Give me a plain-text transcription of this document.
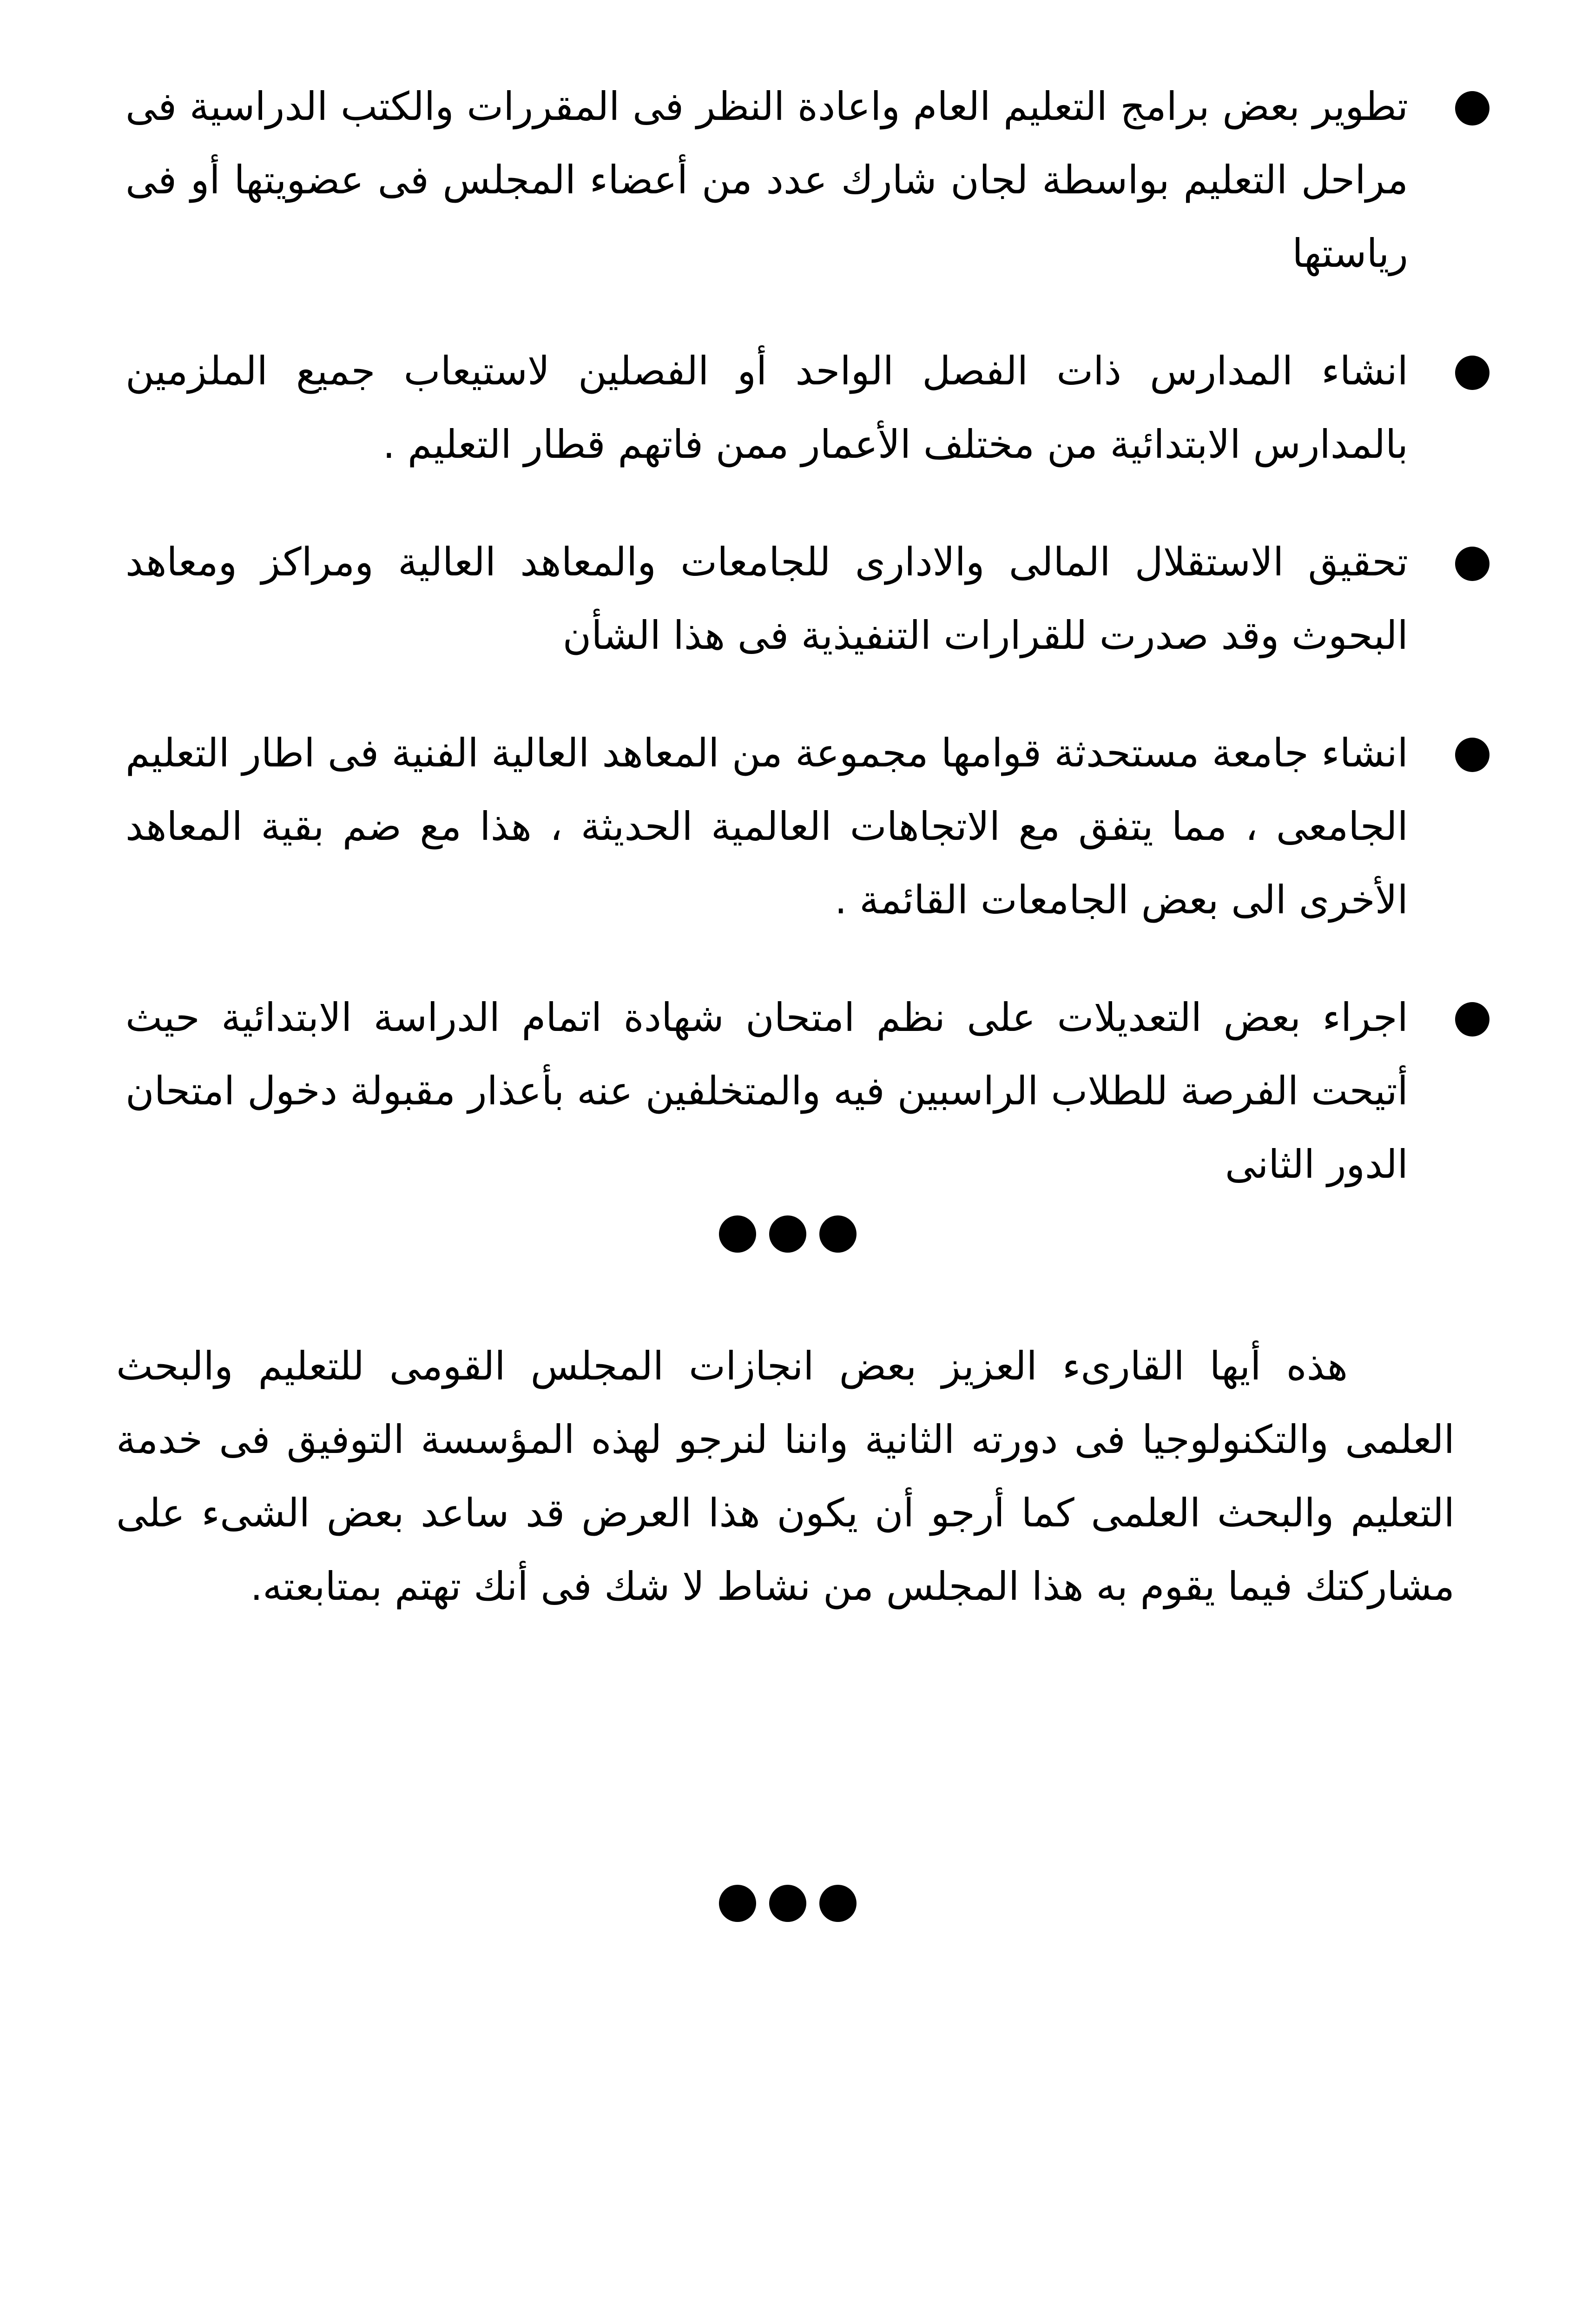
تطوير بعض برامج التعليم العام واعادة النظر فى المقررات والكتب الدراسية فى مراحل التعليم بواسطة لجان شارك عدد من أعضاء المجلس فى عضويتها أو فى رياستها
انشاء المدارس ذات الفصل الواحد أو الفصلين لاستيعاب جميع الملزمين بالمدارس الابتدائية من مختلف الأعمار ممن فاتهم قطار التعليم .
تحقيق الاستقلال المالى والادارى للجامعات والمعاهد العالية ومراكز ومعاهد البحوث وقد صدرت للقرارات التنفيذية فى هذا الشأن
انشاء جامعة مستحدثة قوامها مجموعة من المعاهد العالية الفنية فى اطار التعليم الجامعى ، مما يتفق مع الاتجاهات العالمية الحديثة ، هذا مع ضم بقية المعاهد الأخرى الى بعض الجامعات القائمة .
اجراء بعض التعديلات على نظم امتحان شهادة اتمام الدراسة الابتدائية حيث أتيحت الفرصة للطلاب الراسبين فيه والمتخلفين عنه بأعذار مقبولة دخول امتحان الدور الثانى

هذه أيها القارىء العزيز بعض انجازات المجلس القومى للتعليم والبحث العلمى والتكنولوجيا فى دورته الثانية واننا لنرجو لهذه المؤسسة التوفيق فى خدمة التعليم والبحث العلمى كما أرجو أن يكون هذا العرض قد ساعد بعض الشىء على مشاركتك فيما يقوم به هذا المجلس من نشاط لا شك فى أنك تهتم بمتابعته.
